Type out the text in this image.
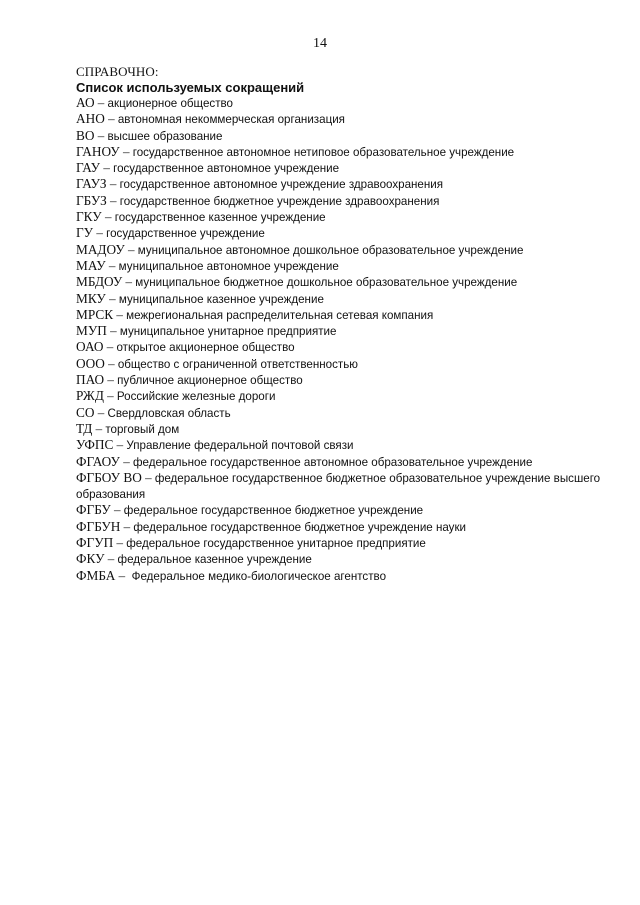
14
СПРАВОЧНО:
Список используемых сокращений
АО – акционерное общество
АНО – автономная некоммерческая организация
ВО – высшее образование
ГАНОУ – государственное автономное нетиповое образовательное учреждение
ГАУ – государственное автономное учреждение
ГАУЗ – государственное автономное учреждение здравоохранения
ГБУЗ – государственное бюджетное учреждение здравоохранения
ГКУ – государственное казенное учреждение
ГУ – государственное учреждение
МАДОУ – муниципальное автономное дошкольное образовательное учреждение
МАУ – муниципальное автономное учреждение
МБДОУ – муниципальное бюджетное дошкольное образовательное учреждение
МКУ – муниципальное казенное учреждение
МРСК – межрегиональная распределительная сетевая компания
МУП – муниципальное унитарное предприятие
ОАО – открытое акционерное общество
ООО – общество с ограниченной ответственностью
ПАО – публичное акционерное общество
РЖД – Российские железные дороги
СО – Свердловская область
ТД – торговый дом
УФПС – Управление федеральной почтовой связи
ФГАОУ – федеральное государственное автономное образовательное учреждение
ФГБОУ ВО – федеральное государственное бюджетное образовательное учреждение высшего образования
ФГБУ – федеральное государственное бюджетное учреждение
ФГБУН – федеральное государственное бюджетное учреждение науки
ФГУП – федеральное государственное унитарное предприятие
ФКУ – федеральное казенное учреждение
ФМБА –  Федеральное медико-биологическое агентство
